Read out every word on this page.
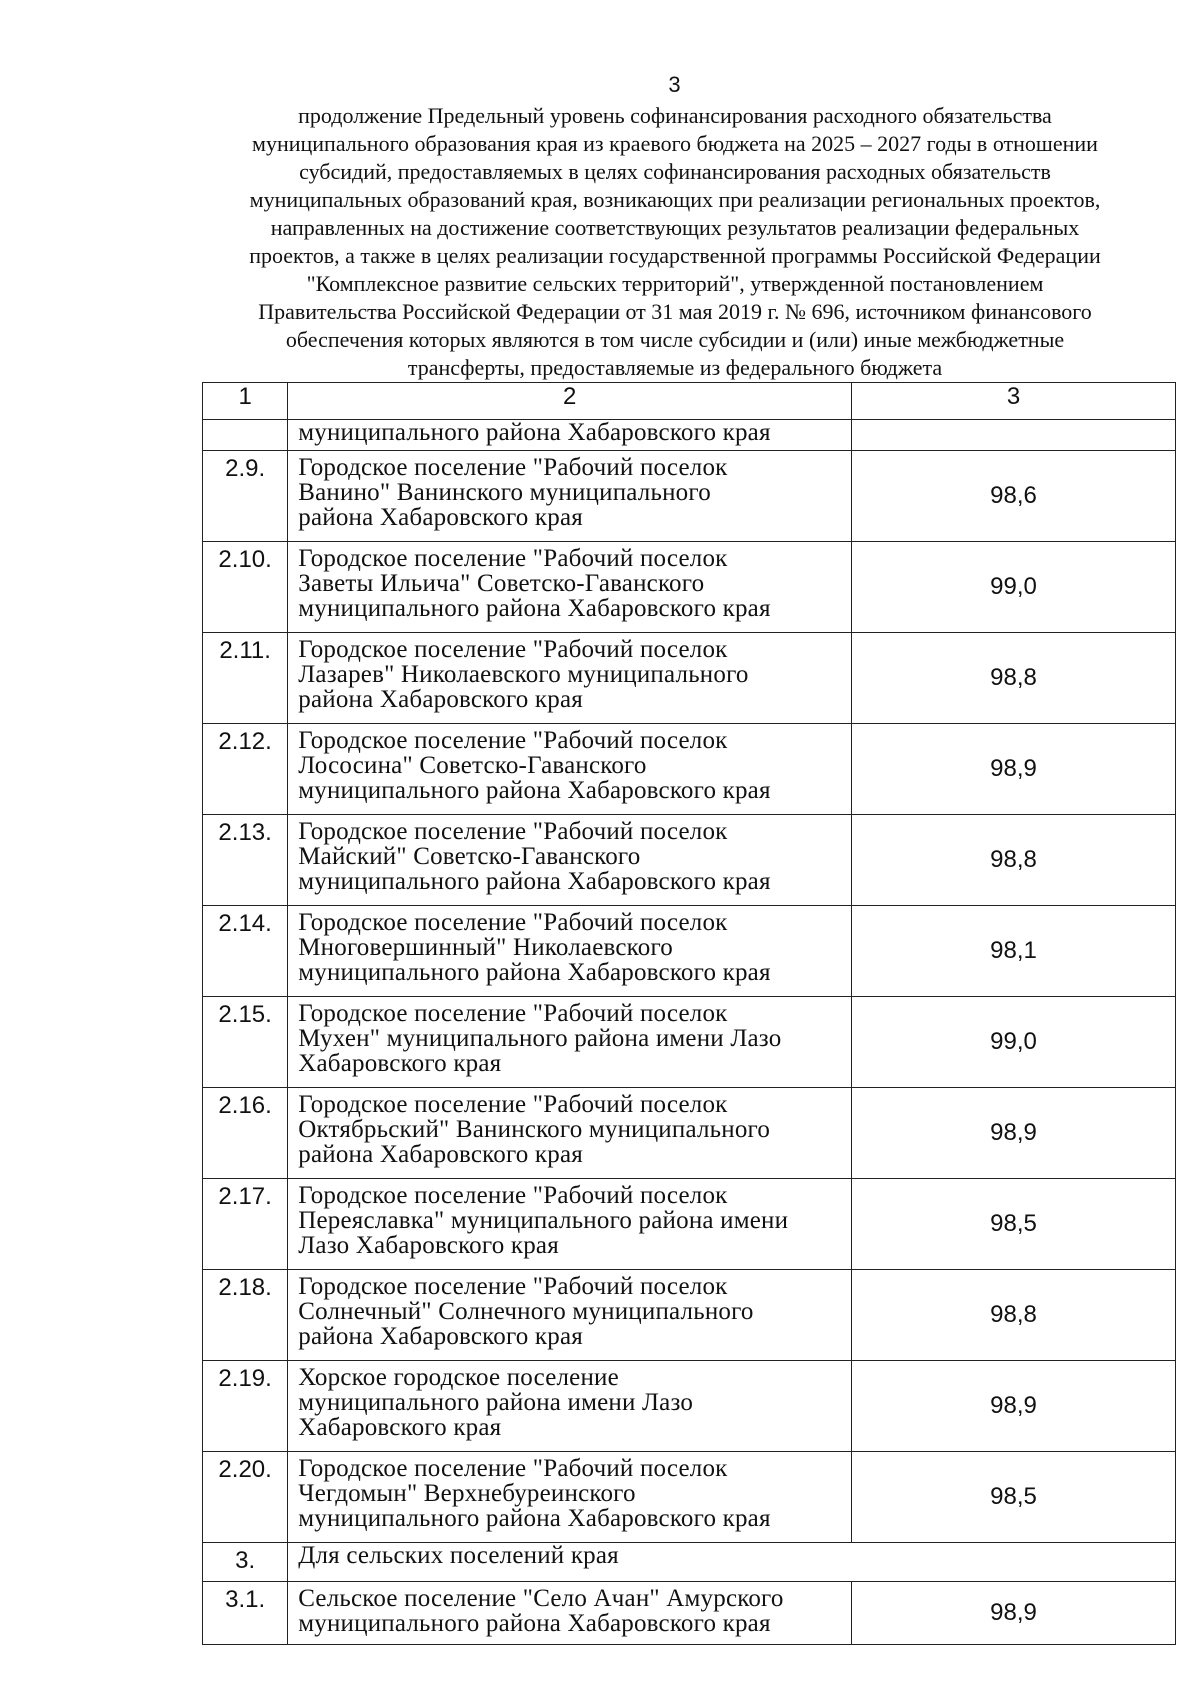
3
продолжение Предельный уровень софинансирования расходного обязательства
муниципального образования края из краевого бюджета на 2025 – 2027 годы в отношении
субсидий, предоставляемых в целях софинансирования расходных обязательств
муниципальных образований края, возникающих при реализации региональных проектов,
направленных на достижение соответствующих результатов реализации федеральных
проектов, а также в целях реализации государственной программы Российской Федерации
"Комплексное развитие сельских территорий", утвержденной постановлением
Правительства Российской Федерации от 31 мая 2019 г. № 696, источником финансового
обеспечения которых являются в том числе субсидии и (или) иные межбюджетные
трансферты, предоставляемые из федерального бюджета
1	2	3
	муниципального района Хабаровского края	
2.9.	Городское поселение "Рабочий поселок
Ванино" Ванинского муниципального
района Хабаровского края	98,6
2.10.	Городское поселение "Рабочий поселок
Заветы Ильича" Советско-Гаванского
муниципального района Хабаровского края	99,0
2.11.	Городское поселение "Рабочий поселок
Лазарев" Николаевского муниципального
района Хабаровского края	98,8
2.12.	Городское поселение "Рабочий поселок
Лососина" Советско-Гаванского
муниципального района Хабаровского края	98,9
2.13.	Городское поселение "Рабочий поселок
Майский" Советско-Гаванского
муниципального района Хабаровского края	98,8
2.14.	Городское поселение "Рабочий поселок
Многовершинный" Николаевского
муниципального района Хабаровского края	98,1
2.15.	Городское поселение "Рабочий поселок
Мухен" муниципального района имени Лазо
Хабаровского края	99,0
2.16.	Городское поселение "Рабочий поселок
Октябрьский" Ванинского муниципального
района Хабаровского края	98,9
2.17.	Городское поселение "Рабочий поселок
Переяславка" муниципального района имени
Лазо Хабаровского края	98,5
2.18.	Городское поселение "Рабочий поселок
Солнечный" Солнечного муниципального
района Хабаровского края	98,8
2.19.	Хорское городское поселение
муниципального района имени Лазо
Хабаровского края	98,9
2.20.	Городское поселение "Рабочий поселок
Чегдомын" Верхнебуреинского
муниципального района Хабаровского края	98,5
3.	Для сельских поселений края	
3.1.	Сельское поселение "Село Ачан" Амурского
муниципального района Хабаровского края	98,9
